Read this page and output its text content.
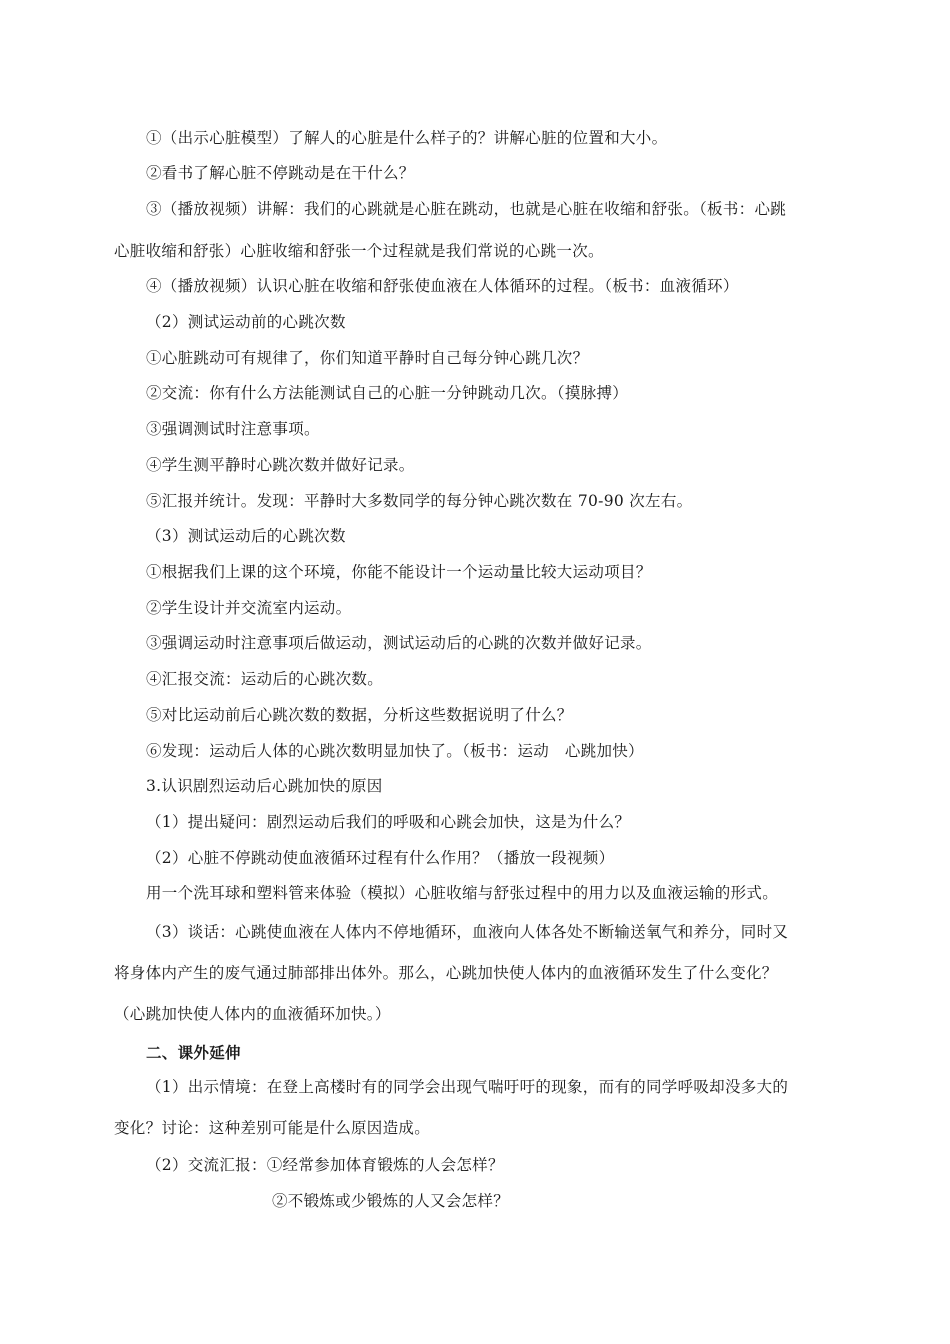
①（出示心脏模型）了解人的心脏是什么样子的？讲解心脏的位置和大小。
②看书了解心脏不停跳动是在干什么？
③（播放视频）讲解：我们的心跳就是心脏在跳动，也就是心脏在收缩和舒张。（板书：心跳
心脏收缩和舒张）心脏收缩和舒张一个过程就是我们常说的心跳一次。
④（播放视频）认识心脏在收缩和舒张使血液在人体循环的过程。（板书：血液循环）
（2）测试运动前的心跳次数
①心脏跳动可有规律了，你们知道平静时自己每分钟心跳几次？
②交流：你有什么方法能测试自己的心脏一分钟跳动几次。（摸脉搏）
③强调测试时注意事项。
④学生测平静时心跳次数并做好记录。
⑤汇报并统计。发现：平静时大多数同学的每分钟心跳次数在 70-90 次左右。
（3）测试运动后的心跳次数
①根据我们上课的这个环境，你能不能设计一个运动量比较大运动项目？
②学生设计并交流室内运动。
③强调运动时注意事项后做运动，测试运动后的心跳的次数并做好记录。
④汇报交流：运动后的心跳次数。
⑤对比运动前后心跳次数的数据，分析这些数据说明了什么？
⑥发现：运动后人体的心跳次数明显加快了。（板书：运动　心跳加快）
3.认识剧烈运动后心跳加快的原因
（1）提出疑问：剧烈运动后我们的呼吸和心跳会加快，这是为什么？
（2）心脏不停跳动使血液循环过程有什么作用？（播放一段视频）
用一个洗耳球和塑料管来体验（模拟）心脏收缩与舒张过程中的用力以及血液运输的形式。
（3）谈话：心跳使血液在人体内不停地循环，血液向人体各处不断输送氧气和养分，同时又
将身体内产生的废气通过肺部排出体外。那么，心跳加快使人体内的血液循环发生了什么变化？
（心跳加快使人体内的血液循环加快。）
二、课外延伸
（1）出示情境：在登上高楼时有的同学会出现气喘吁吁的现象，而有的同学呼吸却没多大的
变化？讨论：这种差别可能是什么原因造成。
（2）交流汇报：①经常参加体育锻炼的人会怎样？
②不锻炼或少锻炼的人又会怎样？
